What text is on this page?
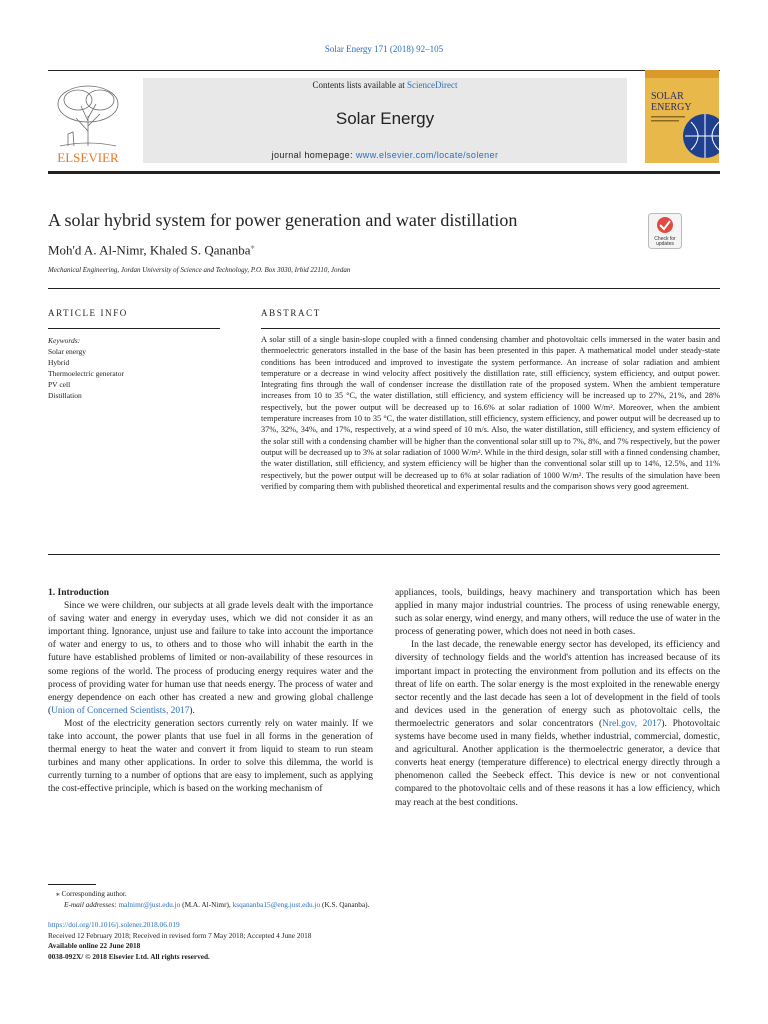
Solar Energy 171 (2018) 92–105
ELSEVIER
Contents lists available at ScienceDirect
Solar Energy
journal homepage: www.elsevier.com/locate/solener
SOLAR
ENERGY
A solar hybrid system for power generation and water distillation
Moh'd A. Al-Nimr, Khaled S. Qananba⁎
Mechanical Engineering, Jordan University of Science and Technology, P.O. Box 3030, Irbid 22110, Jordan
Check for
updates
ARTICLE INFO	ABSTRACT
Keywords:
Solar energy
Hybrid
Thermoelectric generator
PV cell
Distillation
A solar still of a single basin-slope coupled with a finned condensing chamber and photovoltaic cells immersed in the water basin and thermoelectric generators installed in the base of the basin has been presented in this paper. A mathematical model under steady-state conditions has been introduced and improved to investigate the system performance. An increase of solar radiation and ambient temperature or a decrease in wind velocity affect positively the distillation rate, still efficiency, system efficiency, and output power. Integrating fins through the wall of condenser increase the distillation rate of the proposed system. When the ambient temperature increases from 10 to 35 °C, the water distillation, still efficiency, and system efficiency will be increased up to 27%, 21%, and 28% respectively, but the power output will be decreased up to 16.6% at solar radiation of 1000 W/m². Moreover, when the ambient temperature increases from 10 to 35 °C, the water distillation, still efficiency, system efficiency, and power output will be decreased up to 37%, 32%, 34%, and 17%, respectively, at a wind speed of 10 m/s. Also, the water distillation, still efficiency, and system efficiency of the solar still with a condensing chamber will be higher than the conventional solar still up to 7%, 8%, and 7% respectively, but the power output will be decreased up to 3% at solar radiation of 1000 W/m². While in the third design, solar still with a finned condensing chamber, the water distillation, still efficiency, and system efficiency will be higher than the conventional solar still up to 14%, 12.5%, and 11% respectively, but the power output will be decreased up to 6% at solar radiation of 1000 W/m². The results of the simulation have been verified by comparing them with published theoretical and experimental results and the comparison shows very good agreement.

1. Introduction

Since we were children, our subjects at all grade levels dealt with the importance of saving water and energy in everyday uses, which we did not consider it as an important thing. Ignorance, unjust use and failure to take into account the importance of water and energy to us, to others and to those who will inhabit the earth in the future have established problems of limited or non-availability of these resources in some regions of the world. The process of producing energy requires water and the process of providing water for human use that needs energy. The process of water and energy dependence on each other has created a new and growing global challenge (Union of Concerned Scientists, 2017).

Most of the electricity generation sectors currently rely on water mainly. If we take into account, the power plants that use fuel in all forms in the generation of thermal energy to heat the water and convert it from liquid to steam to run steam turbines and many other applications. In order to solve this dilemma, the world is currently turning to a number of options that are easy to implement, such as applying the cost-effective principle, which is based on the working mechanism of

appliances, tools, buildings, heavy machinery and transportation which has been applied in many major industrial countries. The process of using renewable energy, such as solar energy, wind energy, and many others, will reduce the use of water in the process of generating power, which does not need in both cases.

In the last decade, the renewable energy sector has developed, its efficiency and diversity of technology fields and the world's attention has increased because of its important impact in protecting the environment from pollution and its effects on the threat of life on earth. The solar energy is the most exploited in the renewable energy sector recently and the last decade has seen a lot of development in the field of tools and devices used in the generation of energy such as photovoltaic cells, the thermoelectric generators and solar concentrators (Nrel.gov, 2017). Photovoltaic systems have become used in many fields, whether industrial, commercial, domestic, and agricultural. Another application is the thermoelectric generator, a device that converts heat energy (temperature difference) to electrical energy directly through a phenomenon called the Seebeck effect. This device is new or not conventional compared to the photovoltaic cells and of these reasons it has a low efficiency, which may reach at the best conditions.

⁎ Corresponding author.

E-mail addresses: malnimr@just.edu.jo (M.A. Al-Nimr), ksqananba15@eng.just.edu.jo (K.S. Qananba).

https://doi.org/10.1016/j.solener.2018.06.019

Received 12 February 2018; Received in revised form 7 May 2018; Accepted 4 June 2018

Available online 22 June 2018

0038-092X/ © 2018 Elsevier Ltd. All rights reserved.
